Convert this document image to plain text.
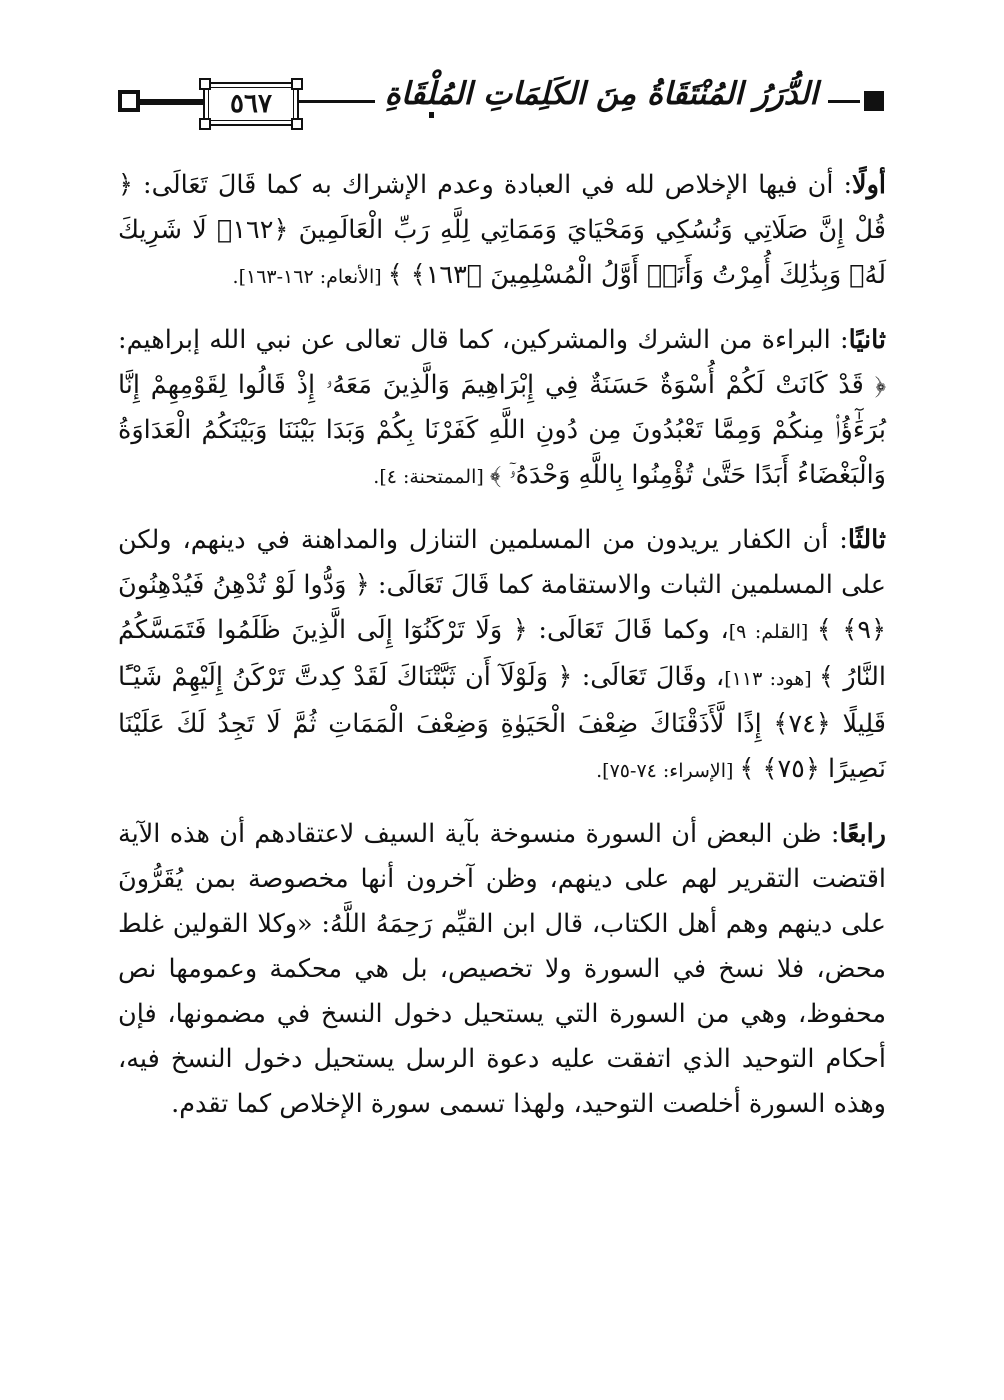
٥٦٧	الدُّرَرُ المُنْتَقَاةُ مِنَ الكَلِمَاتِ المُلْقَاةِ

أولًا: أن فيها الإخلاص لله في العبادة وعدم الإشراك به كما قَالَ تَعَالَى: ﴿ قُلْ إِنَّ صَلَاتِي وَنُسُكِي وَمَحْيَايَ وَمَمَاتِي لِلَّهِ رَبِّ الْعَالَمِينَ ﴿١٦٢﴾ لَا شَرِيكَ لَهُۥ وَبِذَٰلِكَ أُمِرْتُ وَأَنَا۠ أَوَّلُ الْمُسْلِمِينَ ﴿١٦٣﴾ ﴾ [الأنعام: ١٦٢-١٦٣].

ثانيًا: البراءة من الشرك والمشركين، كما قال تعالى عن نبي الله إبراهيم: ﴿ قَدْ كَانَتْ لَكُمْ أُسْوَةٌ حَسَنَةٌ فِي إِبْرَاهِيمَ وَالَّذِينَ مَعَهُۥ إِذْ قَالُوا لِقَوْمِهِمْ إِنَّا بُرَءَٰٓؤُا۟ مِنكُمْ وَمِمَّا تَعْبُدُونَ مِن دُونِ اللَّهِ كَفَرْنَا بِكُمْ وَبَدَا بَيْنَنَا وَبَيْنَكُمُ الْعَدَاوَةُ وَالْبَغْضَاءُ أَبَدًا حَتَّىٰ تُؤْمِنُوا بِاللَّهِ وَحْدَهُۥٓ ﴾ [الممتحنة: ٤].

ثالثًا: أن الكفار يريدون من المسلمين التنازل والمداهنة في دينهم، ولكن على المسلمين الثبات والاستقامة كما قَالَ تَعَالَى: ﴿ وَدُّوا لَوْ تُدْهِنُ فَيُدْهِنُونَ ﴿٩﴾ ﴾ [القلم: ٩]، وكما قَالَ تَعَالَى: ﴿ وَلَا تَرْكَنُوٓا إِلَى الَّذِينَ ظَلَمُوا فَتَمَسَّكُمُ النَّارُ ﴾ [هود: ١١٣]، وقَالَ تَعَالَى: ﴿ وَلَوْلَآ أَن ثَبَّتْنَاكَ لَقَدْ كِدتَّ تَرْكَنُ إِلَيْهِمْ شَيْـًٔا قَلِيلًا ﴿٧٤﴾ إِذًا لَّأَذَقْنَاكَ ضِعْفَ الْحَيَوٰةِ وَضِعْفَ الْمَمَاتِ ثُمَّ لَا تَجِدُ لَكَ عَلَيْنَا نَصِيرًا ﴿٧٥﴾ ﴾ [الإسراء: ٧٤-٧٥].

رابعًا: ظن البعض أن السورة منسوخة بآية السيف لاعتقادهم أن هذه الآية اقتضت التقرير لهم على دينهم، وظن آخرون أنها مخصوصة بمن يُقَرُّونَ على دينهم وهم أهل الكتاب، قال ابن القيِّم رَحِمَهُ اللَّهُ: «وكلا القولين غلط محض، فلا نسخ في السورة ولا تخصيص، بل هي محكمة وعمومها نص محفوظ، وهي من السورة التي يستحيل دخول النسخ في مضمونها، فإن أحكام التوحيد الذي اتفقت عليه دعوة الرسل يستحيل دخول النسخ فيه، وهذه السورة أخلصت التوحيد، ولهذا تسمى سورة الإخلاص كما تقدم.
